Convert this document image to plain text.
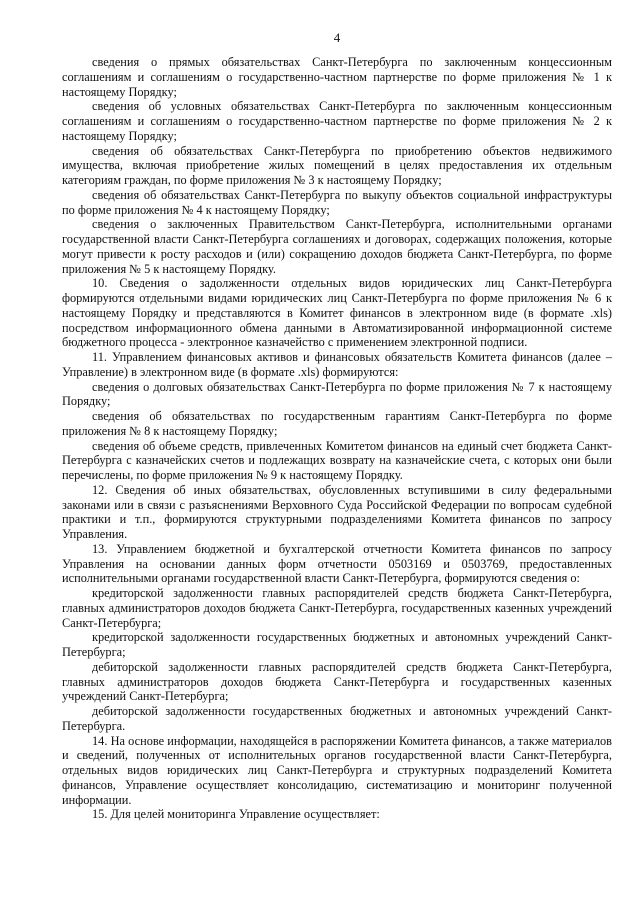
4

сведения о прямых обязательствах Санкт-Петербурга по заключенным концессионным соглашениям и соглашениям о государственно-частном партнерстве по форме приложения № 1 к настоящему Порядку;

сведения об условных обязательствах Санкт-Петербурга по заключенным концессионным соглашениям и соглашениям о государственно-частном партнерстве по форме приложения № 2 к настоящему Порядку;

сведения об обязательствах Санкт-Петербурга по приобретению объектов недвижимого имущества, включая приобретение жилых помещений в целях предоставления их отдельным категориям граждан, по форме приложения № 3 к настоящему Порядку;

сведения об обязательствах Санкт-Петербурга по выкупу объектов социальной инфраструктуры по форме приложения № 4 к настоящему Порядку;

сведения о заключенных Правительством Санкт-Петербурга, исполнительными органами государственной власти Санкт-Петербурга соглашениях и договорах, содержащих положения, которые могут привести к росту расходов и (или) сокращению доходов бюджета Санкт-Петербурга, по форме приложения № 5 к настоящему Порядку.

10. Сведения о задолженности отдельных видов юридических лиц Санкт-Петербурга формируются отдельными видами юридических лиц Санкт-Петербурга по форме приложения № 6 к настоящему Порядку и представляются в Комитет финансов в электронном виде (в формате .xls) посредством информационного обмена данными в Автоматизированной информационной системе бюджетного процесса - электронное казначейство с применением электронной подписи.

11. Управлением финансовых активов и финансовых обязательств Комитета финансов (далее – Управление) в электронном виде (в формате .xls) формируются:

сведения о долговых обязательствах Санкт-Петербурга по форме приложения № 7 к настоящему Порядку;

сведения об обязательствах по государственным гарантиям Санкт-Петербурга по форме приложения № 8 к настоящему Порядку;

сведения об объеме средств, привлеченных Комитетом финансов на единый счет бюджета Санкт-Петербурга с казначейских счетов и подлежащих возврату на казначейские счета, с которых они были перечислены, по форме приложения № 9 к настоящему Порядку.

12. Сведения об иных обязательствах, обусловленных вступившими в силу федеральными законами или в связи с разъяснениями Верховного Суда Российской Федерации по вопросам судебной практики и т.п., формируются структурными подразделениями Комитета финансов по запросу Управления.

13. Управлением бюджетной и бухгалтерской отчетности Комитета финансов по запросу Управления на основании данных форм отчетности 0503169 и 0503769, предоставленных исполнительными органами государственной власти Санкт-Петербурга, формируются сведения о:

кредиторской задолженности главных распорядителей средств бюджета Санкт-Петербурга, главных администраторов доходов бюджета Санкт-Петербурга, государственных казенных учреждений Санкт-Петербурга;

кредиторской задолженности государственных бюджетных и автономных учреждений Санкт-Петербурга;

дебиторской задолженности главных распорядителей средств бюджета Санкт-Петербурга, главных администраторов доходов бюджета Санкт-Петербурга и государственных казенных учреждений Санкт-Петербурга;

дебиторской задолженности государственных бюджетных и автономных учреждений Санкт-Петербурга.

14. На основе информации, находящейся в распоряжении Комитета финансов, а также материалов и сведений, полученных от исполнительных органов государственной власти Санкт-Петербурга, отдельных видов юридических лиц Санкт-Петербурга и структурных подразделений Комитета финансов, Управление осуществляет консолидацию, систематизацию и мониторинг полученной информации.

15. Для целей мониторинга Управление осуществляет:
